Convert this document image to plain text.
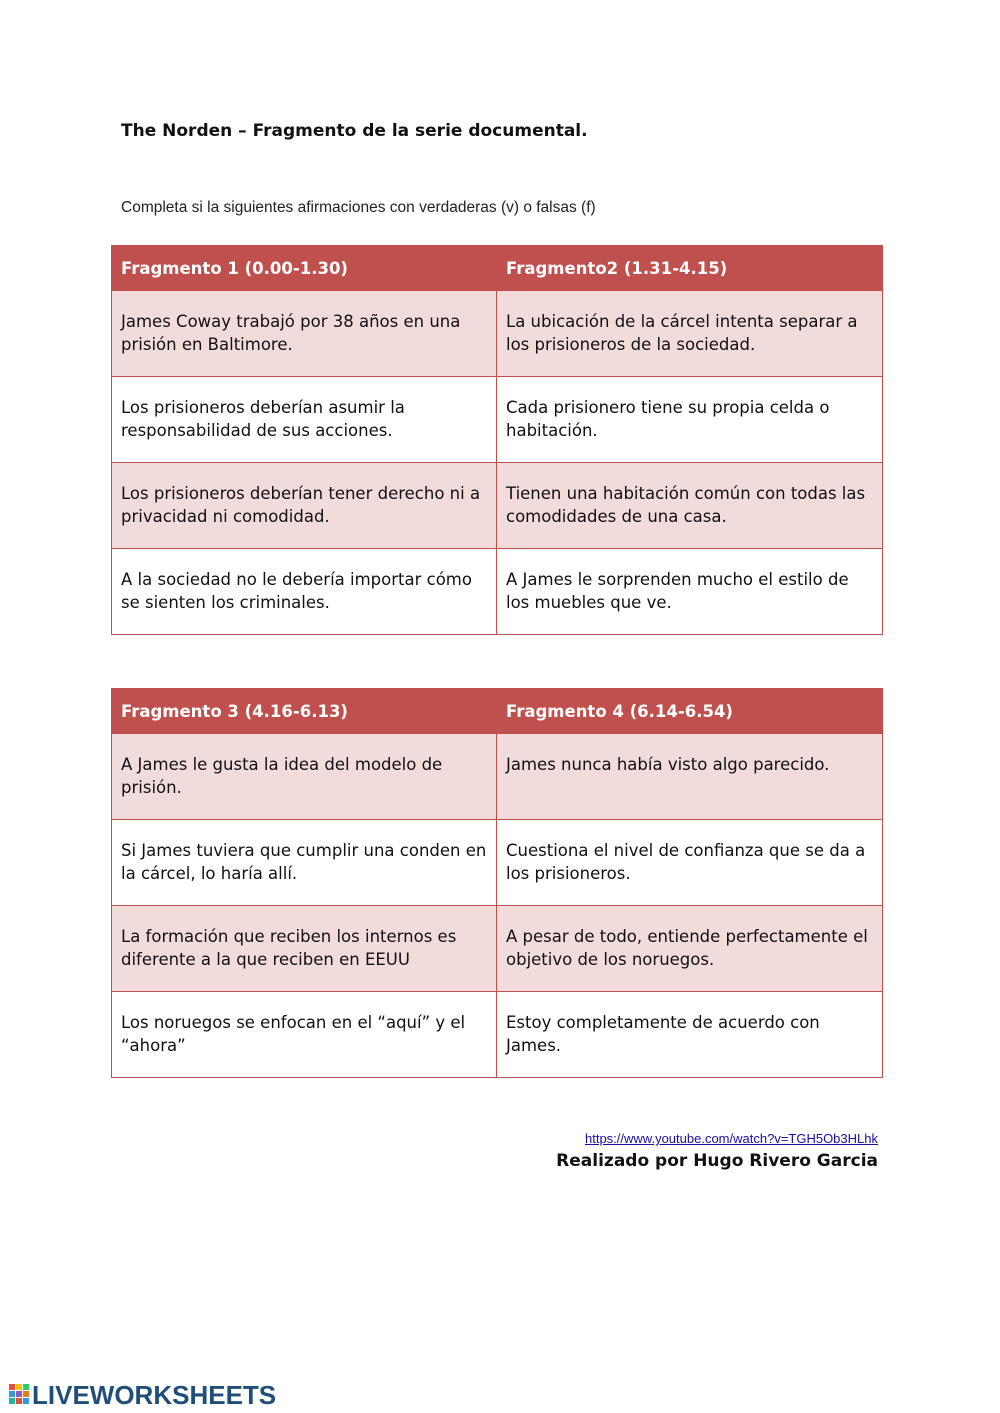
The Norden – Fragmento de la serie documental.
Completa si la siguientes afirmaciones con verdaderas (v) o falsas (f)
Fragmento 1 (0.00-1.30)	Fragmento2 (1.31-4.15)
James Coway trabajó por 38 años en una prisión en Baltimore.	La ubicación de la cárcel intenta separar a los prisioneros de la sociedad.
Los prisioneros deberían asumir la responsabilidad de sus acciones.	Cada prisionero tiene su propia celda o habitación.
Los prisioneros deberían tener derecho ni a privacidad ni comodidad.	Tienen una habitación común con todas las comodidades de una casa.
A la sociedad no le debería importar cómo se sienten los criminales.	A James le sorprenden mucho el estilo de los muebles que ve.
Fragmento 3 (4.16-6.13)	Fragmento 4 (6.14-6.54)
A James le gusta la idea del modelo de prisión.	James nunca había visto algo parecido.
Si James tuviera que cumplir una conden en la cárcel, lo haría allí.	Cuestiona el nivel de confianza que se da a los prisioneros.
La formación que reciben los internos es diferente a la que reciben en EEUU	A pesar de todo, entiende perfectamente el objetivo de los noruegos.
Los noruegos se enfocan en el “aquí” y el “ahora”	Estoy completamente de acuerdo con James.
https://www.youtube.com/watch?v=TGH5Ob3HLhk
Realizado por Hugo Rivero Garcia
LIVEWORKSHEETS
